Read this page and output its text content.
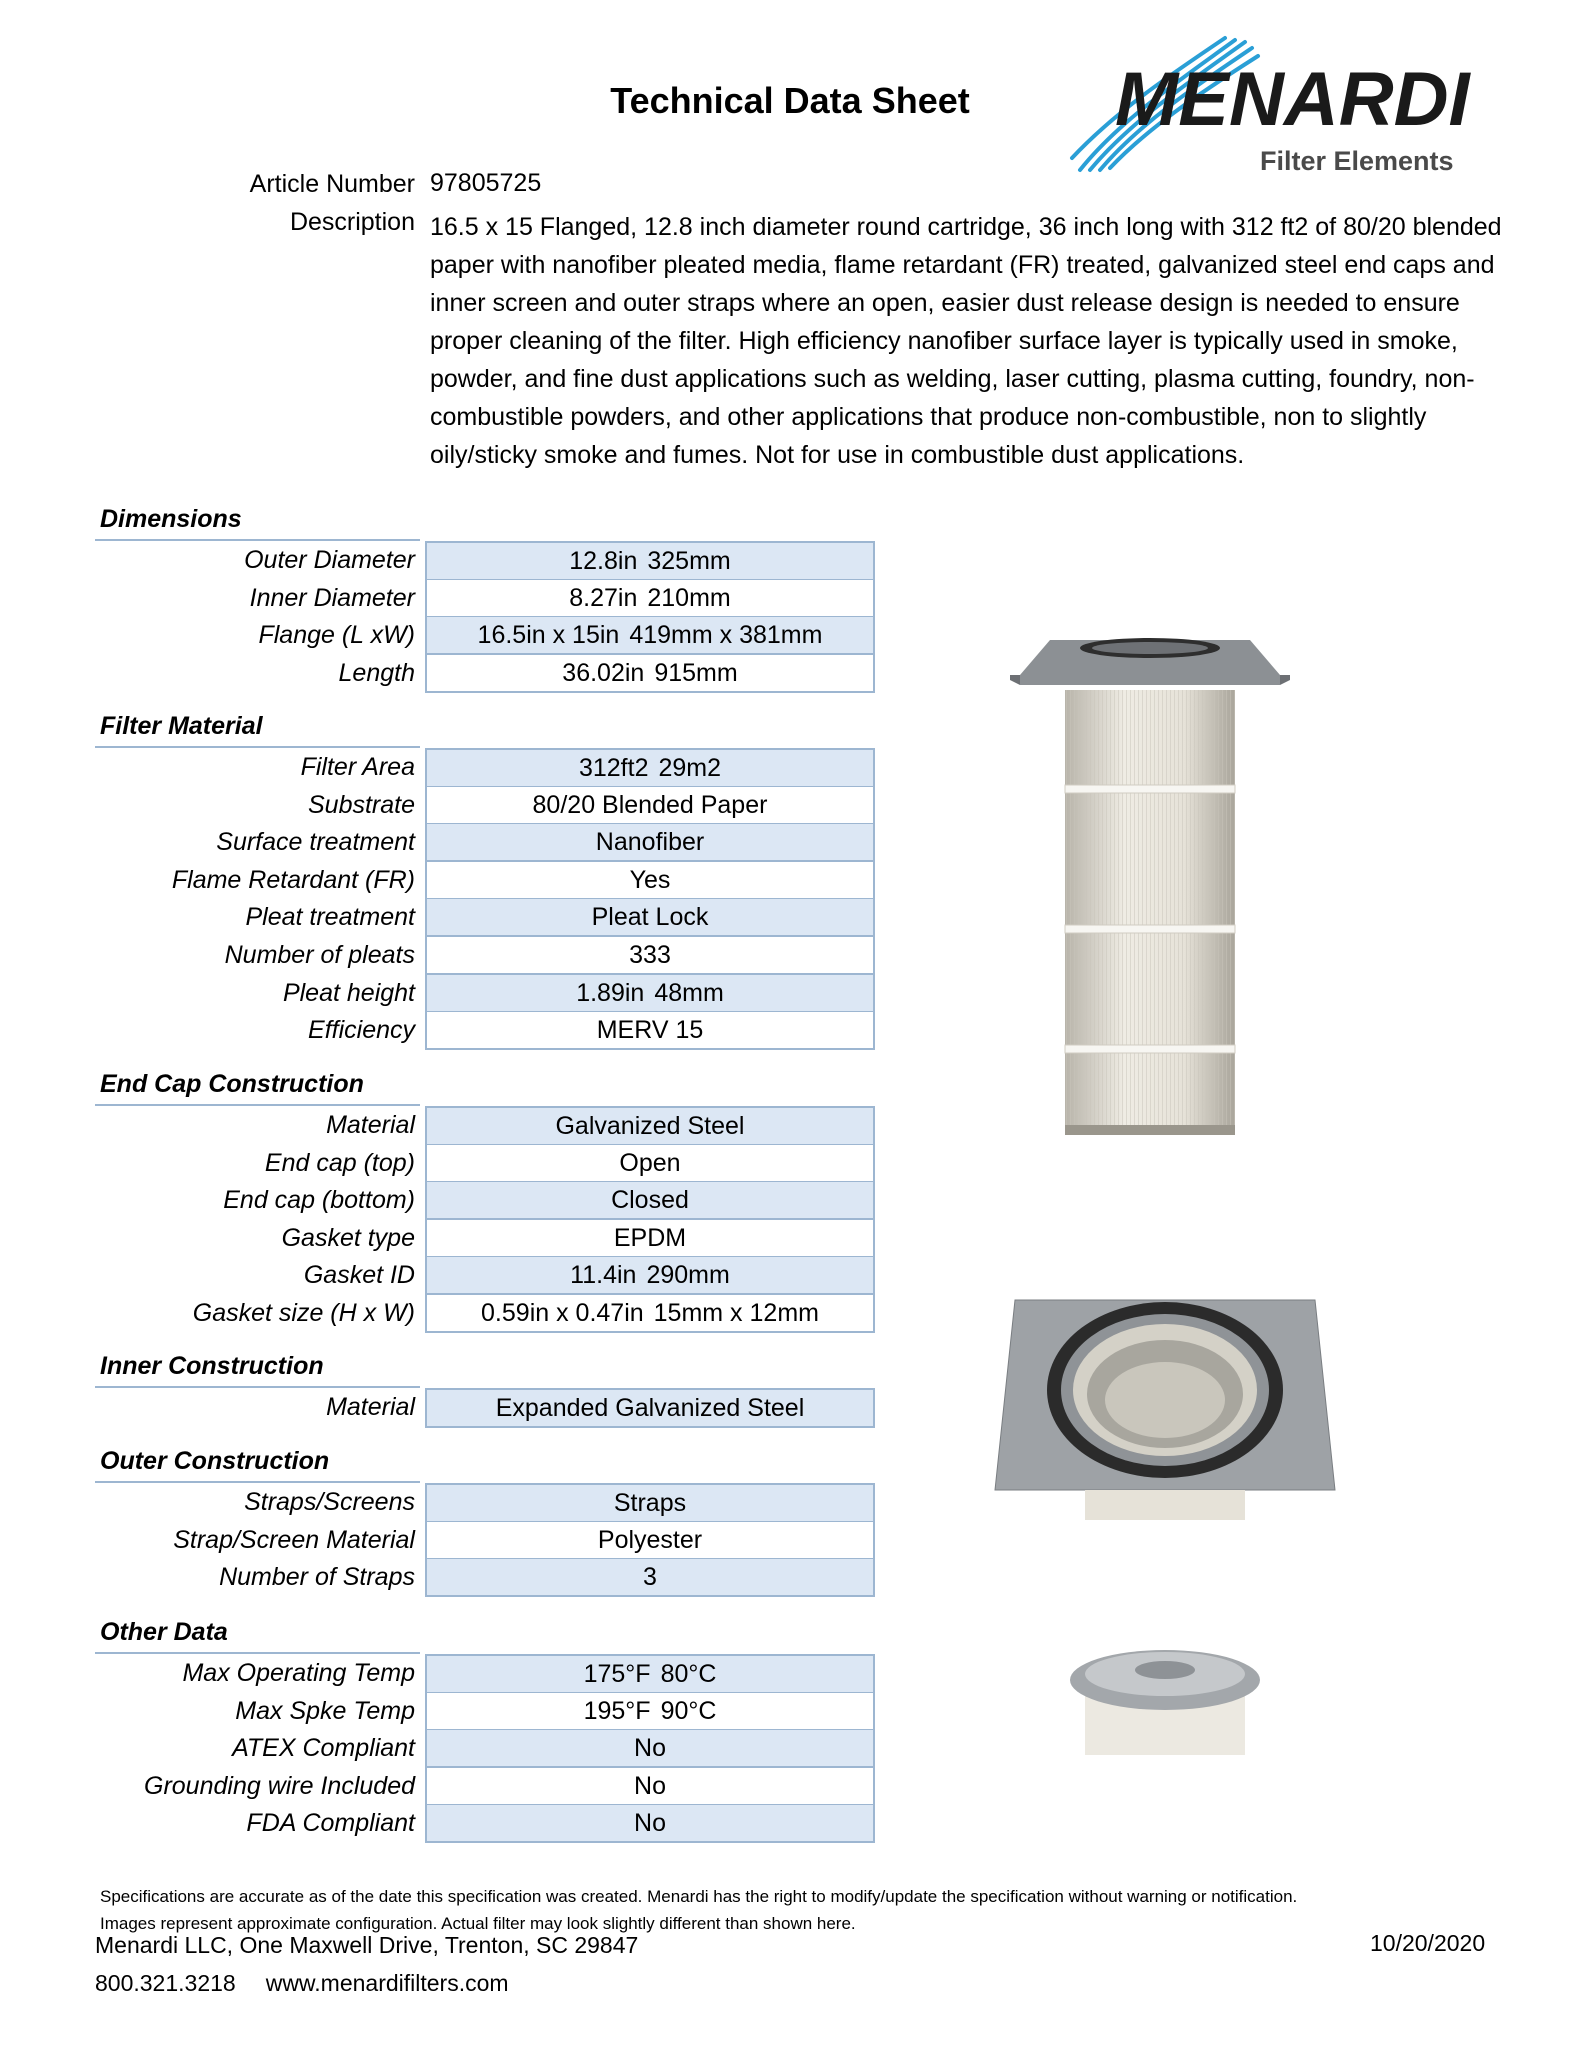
Technical Data Sheet	MENARDI
Filter Elements
Article Number 97805725
Description 16.5 x 15 Flanged, 12.8 inch diameter round cartridge, 36 inch long with 312 ft2 of 80/20 blended paper with nanofiber pleated media, flame retardant (FR) treated, galvanized steel end caps and inner screen and outer straps where an open, easier dust release design is needed to ensure proper cleaning of the filter. High efficiency nanofiber surface layer is typically used in smoke, powder, and fine dust applications such as welding, laser cutting, plasma cutting, foundry, non-combustible powders, and other applications that produce non-combustible, non to slightly oily/sticky smoke and fumes. Not for use in combustible dust applications.
Dimensions
Outer Diameter	12.8in 325mm
Inner Diameter	8.27in 210mm
Flange (L xW)	16.5in x 15in 419mm x 381mm
Length	36.02in 915mm
Filter Material
Filter Area	312ft2 29m2
Substrate	80/20 Blended Paper
Surface treatment	Nanofiber
Flame Retardant (FR)	Yes
Pleat treatment	Pleat Lock
Number of pleats	333
Pleat height	1.89in 48mm
Efficiency	MERV 15
End Cap Construction
Material	Galvanized Steel
End cap (top)	Open
End cap (bottom)	Closed
Gasket type	EPDM
Gasket ID	11.4in 290mm
Gasket size (H x W)	0.59in x 0.47in 15mm x 12mm
Inner Construction
Material	Expanded Galvanized Steel
Outer Construction
Straps/Screens	Straps
Strap/Screen Material	Polyester
Number of Straps	3
Other Data
Max Operating Temp	175°F 80°C
Max Spke Temp	195°F 90°C
ATEX Compliant	No
Grounding wire Included	No
FDA Compliant	No
Specifications are accurate as of the date this specification was created. Menardi has the right to modify/update the specification without warning or notification.
Images represent approximate configuration. Actual filter may look slightly different than shown here.
Menardi LLC, One Maxwell Drive, Trenton, SC 29847
800.321.3218 www.menardifilters.com
10/20/2020
